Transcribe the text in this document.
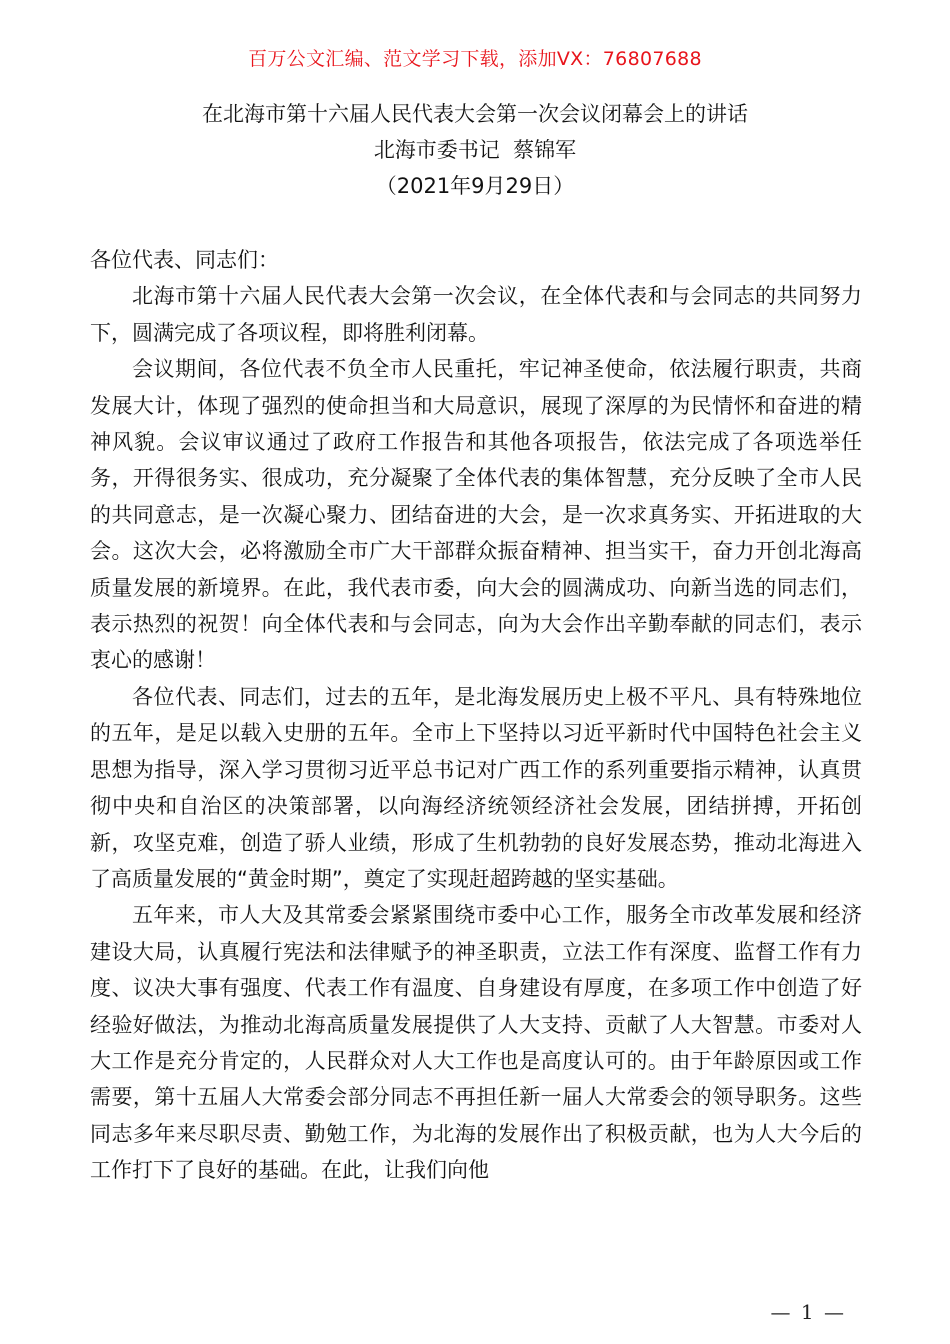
百万公文汇编、范文学习下载，添加VX：76807688
在北海市第十六届人民代表大会第一次会议闭幕会上的讲话
北海市委书记  蔡锦军
（2021年9月29日）
各位代表、同志们：

北海市第十六届人民代表大会第一次会议，在全体代表和与会同志的共同努力下，圆满完成了各项议程，即将胜利闭幕。

会议期间，各位代表不负全市人民重托，牢记神圣使命，依法履行职责，共商发展大计，体现了强烈的使命担当和大局意识，展现了深厚的为民情怀和奋进的精神风貌。会议审议通过了政府工作报告和其他各项报告，依法完成了各项选举任务，开得很务实、很成功，充分凝聚了全体代表的集体智慧，充分反映了全市人民的共同意志，是一次凝心聚力、团结奋进的大会，是一次求真务实、开拓进取的大会。这次大会，必将激励全市广大干部群众振奋精神、担当实干，奋力开创北海高质量发展的新境界。在此，我代表市委，向大会的圆满成功、向新当选的同志们，表示热烈的祝贺！向全体代表和与会同志，向为大会作出辛勤奉献的同志们，表示衷心的感谢！

各位代表、同志们，过去的五年，是北海发展历史上极不平凡、具有特殊地位的五年，是足以载入史册的五年。全市上下坚持以习近平新时代中国特色社会主义思想为指导，深入学习贯彻习近平总书记对广西工作的系列重要指示精神，认真贯彻中央和自治区的决策部署，以向海经济统领经济社会发展，团结拼搏，开拓创新，攻坚克难，创造了骄人业绩，形成了生机勃勃的良好发展态势，推动北海进入了高质量发展的“黄金时期”，奠定了实现赶超跨越的坚实基础。

五年来，市人大及其常委会紧紧围绕市委中心工作，服务全市改革发展和经济建设大局，认真履行宪法和法律赋予的神圣职责，立法工作有深度、监督工作有力度、议决大事有强度、代表工作有温度、自身建设有厚度，在多项工作中创造了好经验好做法，为推动北海高质量发展提供了人大支持、贡献了人大智慧。市委对人大工作是充分肯定的，人民群众对人大工作也是高度认可的。由于年龄原因或工作需要，第十五届人大常委会部分同志不再担任新一届人大常委会的领导职务。这些同志多年来尽职尽责、勤勉工作，为北海的发展作出了积极贡献，也为人大今后的工作打下了良好的基础。在此，让我们向他

— 1 —
